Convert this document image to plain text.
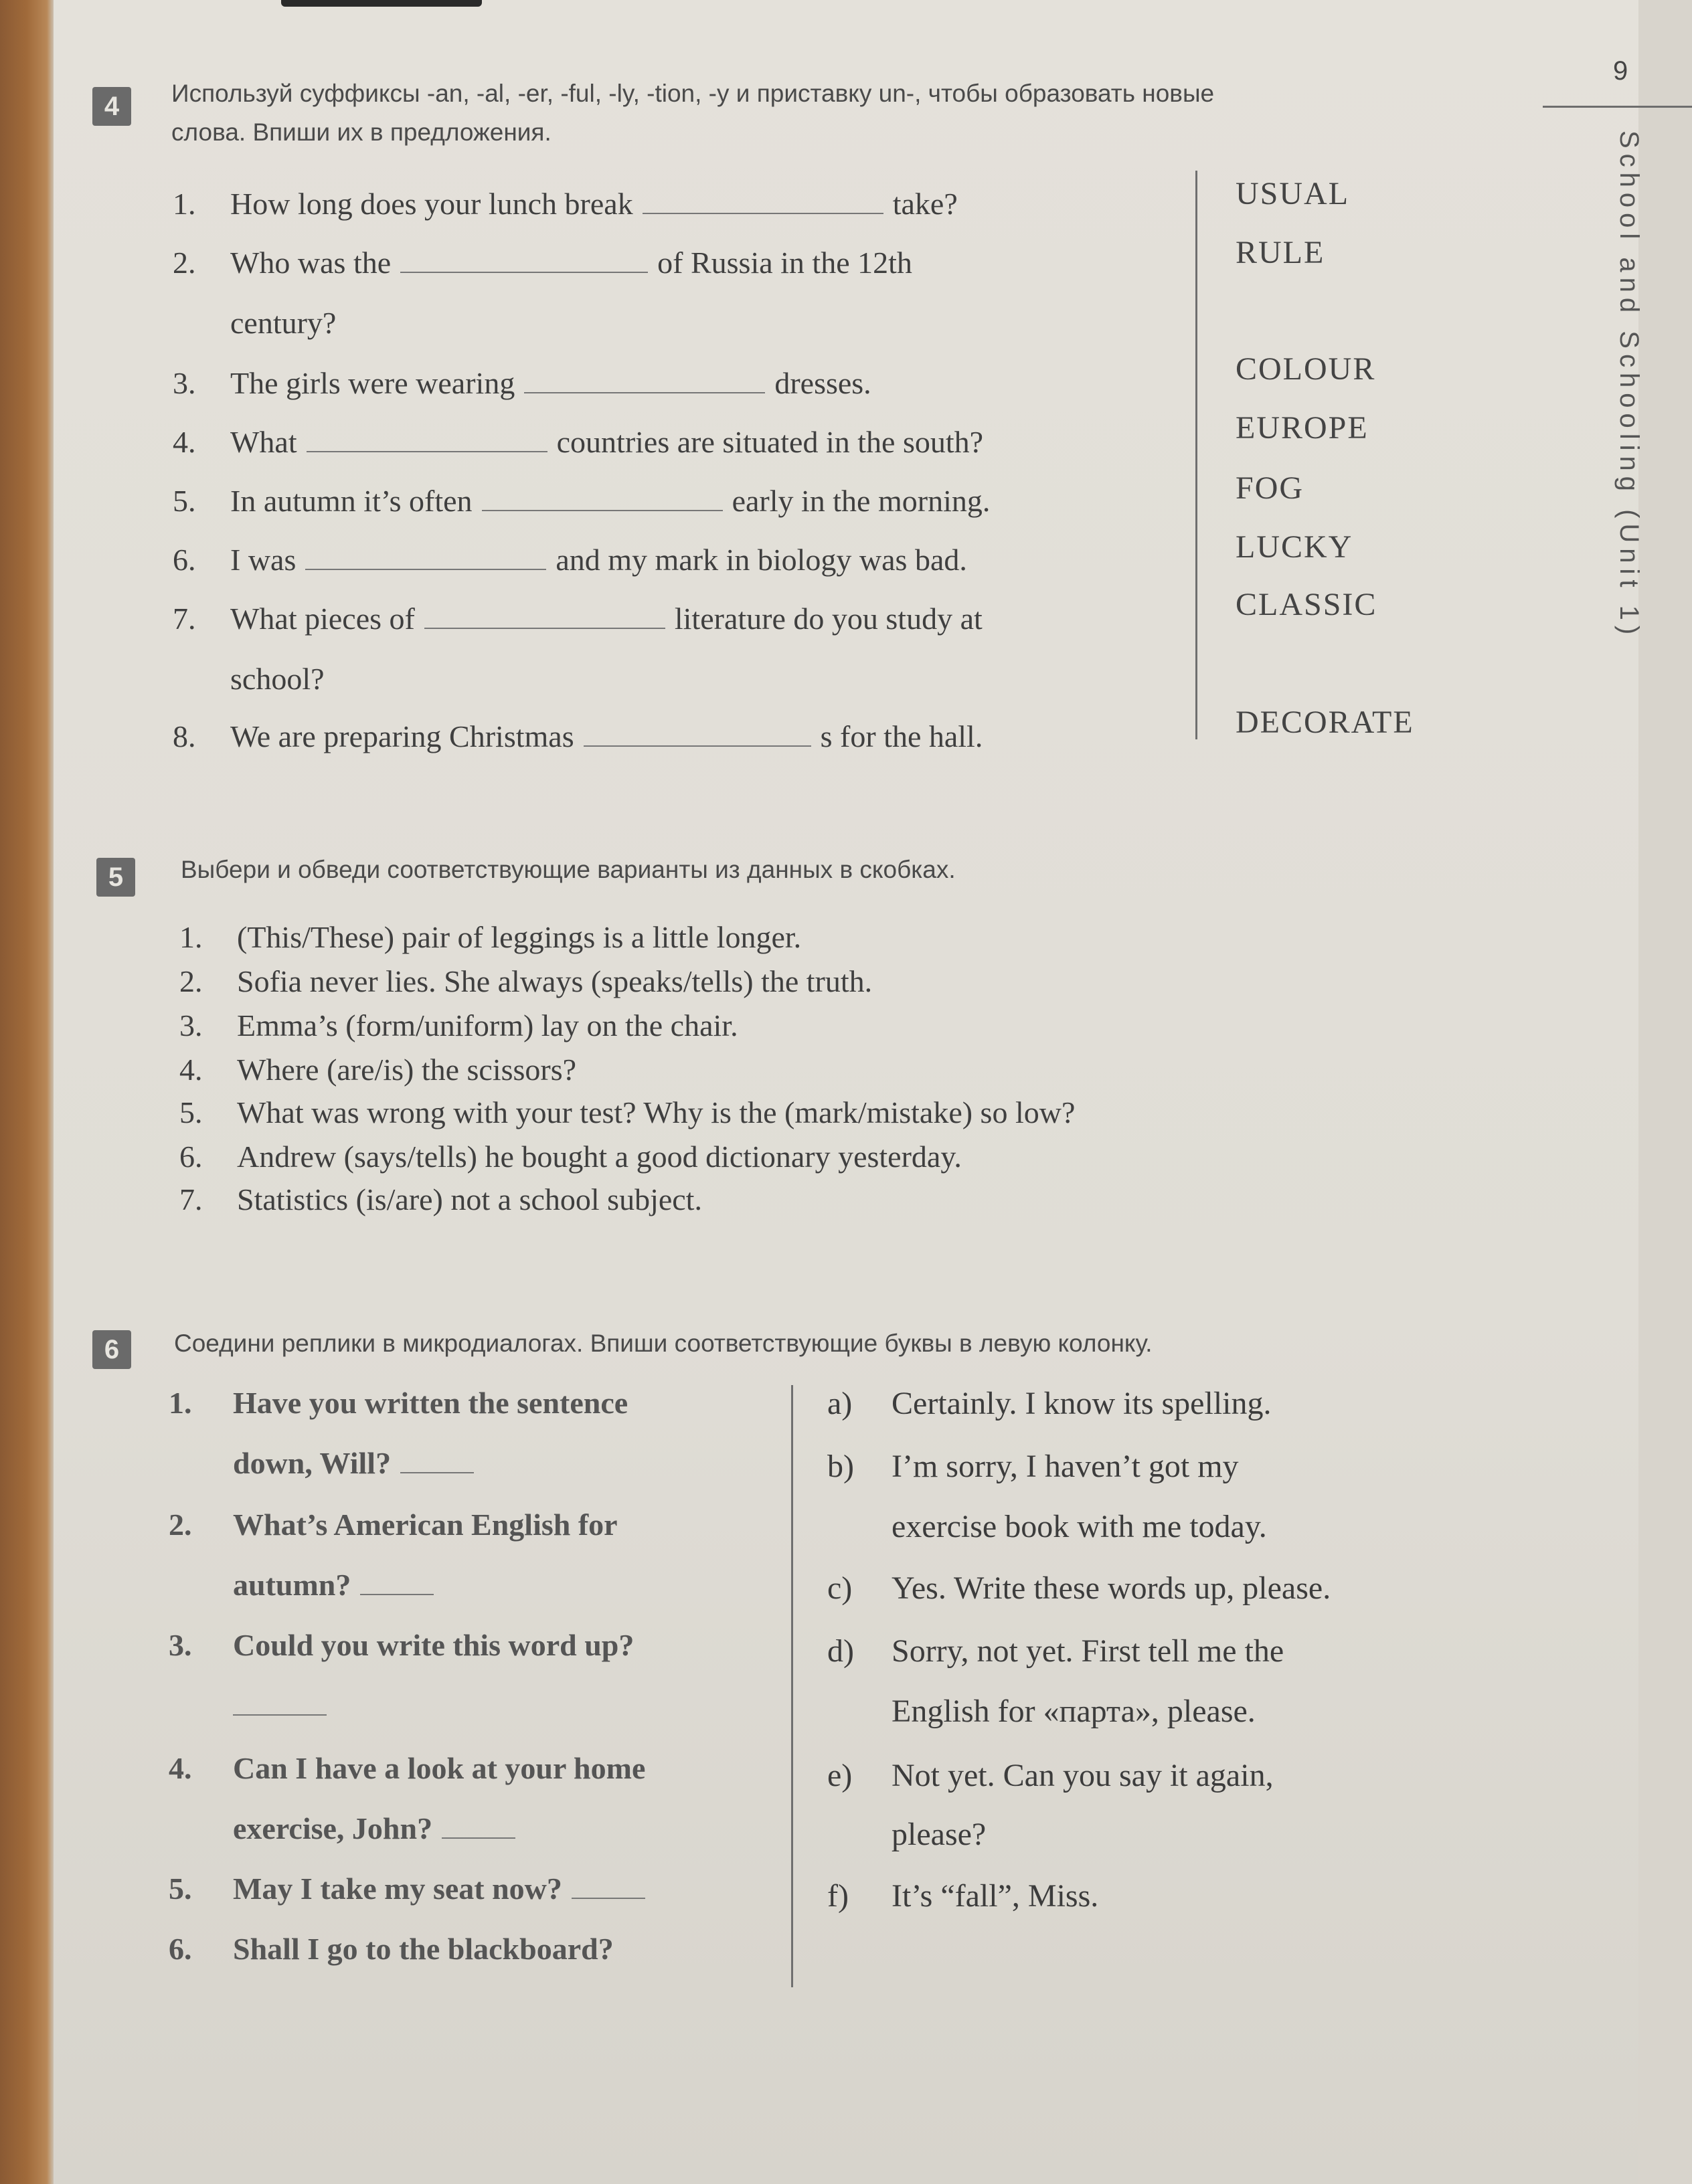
9
School and Schooling (Unit 1)
4	Используй суффиксы -an, -al, -er, -ful, -ly, -tion, -y и приставку un-, чтобы образовать новые
слова. Впиши их в предложения.
1. How long does your lunch break	take?
2. Who was the	of Russia in the 12th
century?
3. The girls were wearing	dresses.
4. What	countries are situated in the south?
5. In autumn it’s often	early in the morning.
6. I was	and my mark in biology was bad.
7. What pieces of	literature do you study at
school?
8. We are preparing Christmas	s for the hall.
USUAL
RULE
COLOUR
EUROPE
FOG
LUCKY
CLASSIC
DECORATE
5	Выбери и обведи соответствующие варианты из данных в скобках.
1. (This/These) pair of leggings is a little longer.
2. Sofia never lies. She always (speaks/tells) the truth.
3. Emma’s (form/uniform) lay on the chair.
4. Where (are/is) the scissors?
5. What was wrong with your test? Why is the (mark/mistake) so low?
6. Andrew (says/tells) he bought a good dictionary yesterday.
7. Statistics (is/are) not a school subject.
6	Соедини реплики в микродиалогах. Впиши соответствующие буквы в левую колонку.
1. Have you written the sentence
down, Will?
2. What’s American English for
autumn?
3. Could you write this word up?
4. Can I have a look at your home
exercise, John?
5. May I take my seat now?
6. Shall I go to the blackboard?
a) Certainly. I know its spelling.
b) I’m sorry, I haven’t got my
exercise book with me today.
c) Yes. Write these words up, please.
d) Sorry, not yet. First tell me the
English for «парта», please.
e) Not yet. Can you say it again,
please?
f) It’s “fall”, Miss.
